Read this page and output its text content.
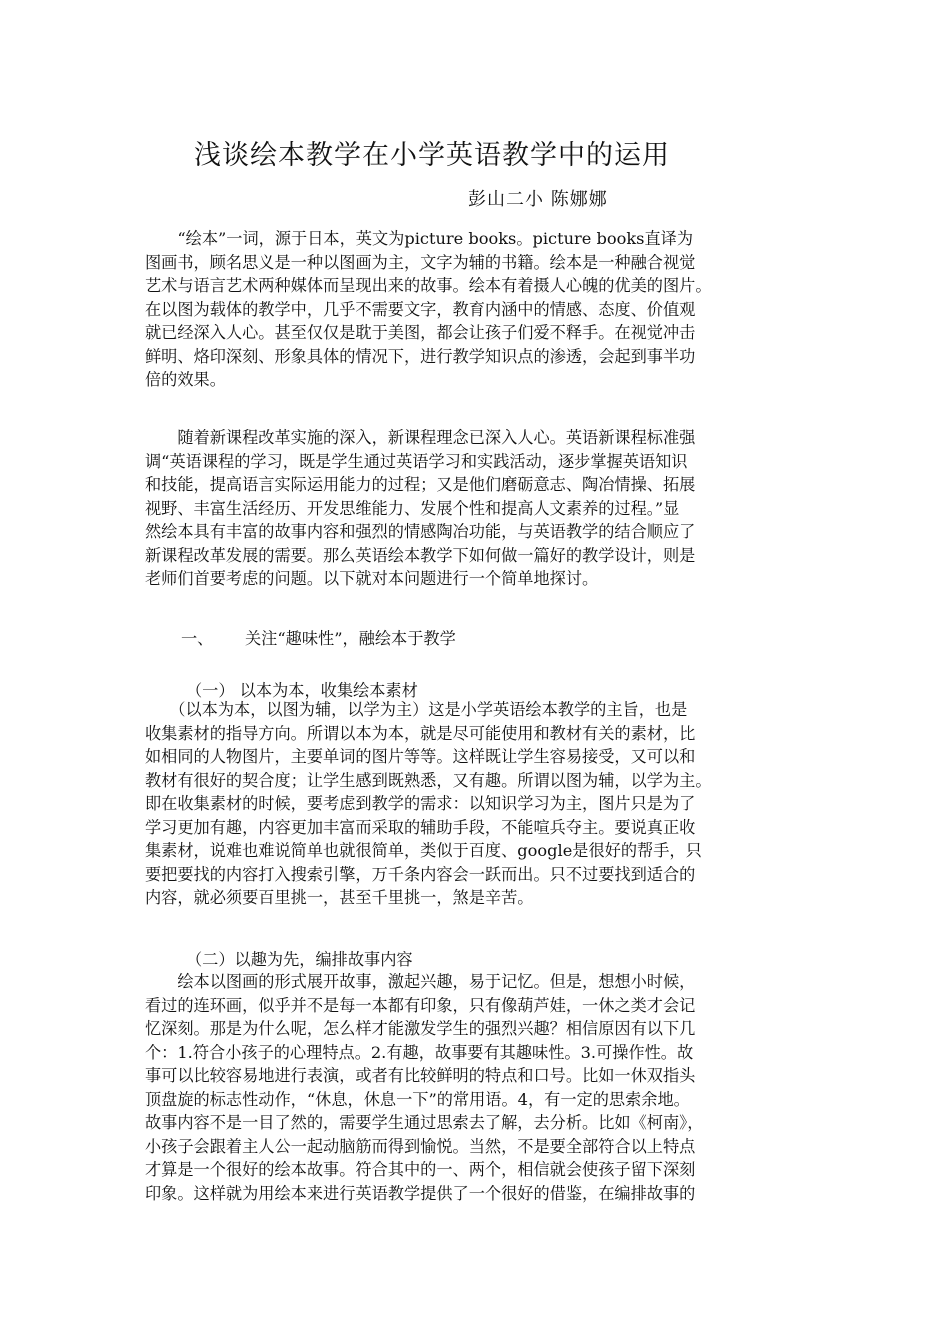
浅谈绘本教学在小学英语教学中的运用
彭山二小 陈娜娜
　　“绘本”一词，源于日本，英文为picture books。picture books直译为
图画书，顾名思义是一种以图画为主，文字为辅的书籍。绘本是一种融合视觉
艺术与语言艺术两种媒体而呈现出来的故事。绘本有着摄人心魄的优美的图片。
在以图为载体的教学中，几乎不需要文字，教育内涵中的情感、态度、价值观
就已经深入人心。甚至仅仅是耽于美图，都会让孩子们爱不释手。在视觉冲击
鲜明、烙印深刻、形象具体的情况下，进行教学知识点的渗透，会起到事半功
倍的效果。
　　随着新课程改革实施的深入，新课程理念已深入人心。英语新课程标准强
调“英语课程的学习，既是学生通过英语学习和实践活动，逐步掌握英语知识
和技能，提高语言实际运用能力的过程；又是他们磨砺意志、陶冶情操、拓展
视野、丰富生活经历、开发思维能力、发展个性和提高人文素养的过程。”显
然绘本具有丰富的故事内容和强烈的情感陶冶功能，与英语教学的结合顺应了
新课程改革发展的需要。那么英语绘本教学下如何做一篇好的教学设计，则是
老师们首要考虑的问题。以下就对本问题进行一个简单地探讨。
一、 关注“趣味性”，融绘本于教学
（一） 以本为本，收集绘本素材
　　（以本为本，以图为辅，以学为主）这是小学英语绘本教学的主旨，也是
收集素材的指导方向。所谓以本为本，就是尽可能使用和教材有关的素材，比
如相同的人物图片，主要单词的图片等等。这样既让学生容易接受，又可以和
教材有很好的契合度；让学生感到既熟悉，又有趣。所谓以图为辅，以学为主。
即在收集素材的时候，要考虑到教学的需求：以知识学习为主，图片只是为了
学习更加有趣，内容更加丰富而采取的辅助手段，不能喧兵夺主。要说真正收
集素材，说难也难说简单也就很简单，类似于百度、google是很好的帮手，只
要把要找的内容打入搜索引擎，万千条内容会一跃而出。只不过要找到适合的
内容，就必须要百里挑一，甚至千里挑一，煞是辛苦。
（二）以趣为先，编排故事内容
　　绘本以图画的形式展开故事，激起兴趣，易于记忆。但是，想想小时候，
看过的连环画，似乎并不是每一本都有印象，只有像葫芦娃，一休之类才会记
忆深刻。那是为什么呢，怎么样才能激发学生的强烈兴趣？相信原因有以下几
个：1.符合小孩子的心理特点。2.有趣，故事要有其趣味性。3.可操作性。故
事可以比较容易地进行表演，或者有比较鲜明的特点和口号。比如一休双指头
顶盘旋的标志性动作，“休息，休息一下”的常用语。4，有一定的思索余地。
故事内容不是一目了然的，需要学生通过思索去了解，去分析。比如《柯南》，
小孩子会跟着主人公一起动脑筋而得到愉悦。当然，不是要全部符合以上特点
才算是一个很好的绘本故事。符合其中的一、两个，相信就会使孩子留下深刻
印象。这样就为用绘本来进行英语教学提供了一个很好的借鉴，在编排故事的
